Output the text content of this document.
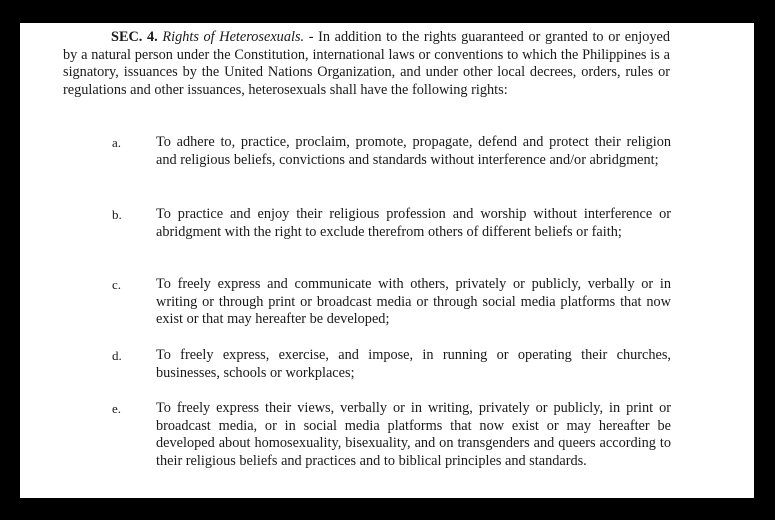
SEC. 4. Rights of Heterosexuals. - In addition to the rights guaranteed or granted to or enjoyed by a natural person under the Constitution, international laws or conventions to which the Philippines is a signatory, issuances by the United Nations Organization, and under other local decrees, orders, rules or regulations and other issuances, heterosexuals shall have the following rights:

a.	To adhere to, practice, proclaim, promote, propagate, defend and protect their religion and religious beliefs, convictions and standards without interference and/or abridgment;

b.	To practice and enjoy their religious profession and worship without interference or abridgment with the right to exclude therefrom others of different beliefs or faith;

c.	To freely express and communicate with others, privately or publicly, verbally or in writing or through print or broadcast media or through social media platforms that now exist or that may hereafter be developed;

d.	To freely express, exercise, and impose, in running or operating their churches, businesses, schools or workplaces;

e.	To freely express their views, verbally or in writing, privately or publicly, in print or broadcast media, or in social media platforms that now exist or may hereafter be developed about homosexuality, bisexuality, and on transgenders and queers according to their religious beliefs and practices and to biblical principles and standards.
